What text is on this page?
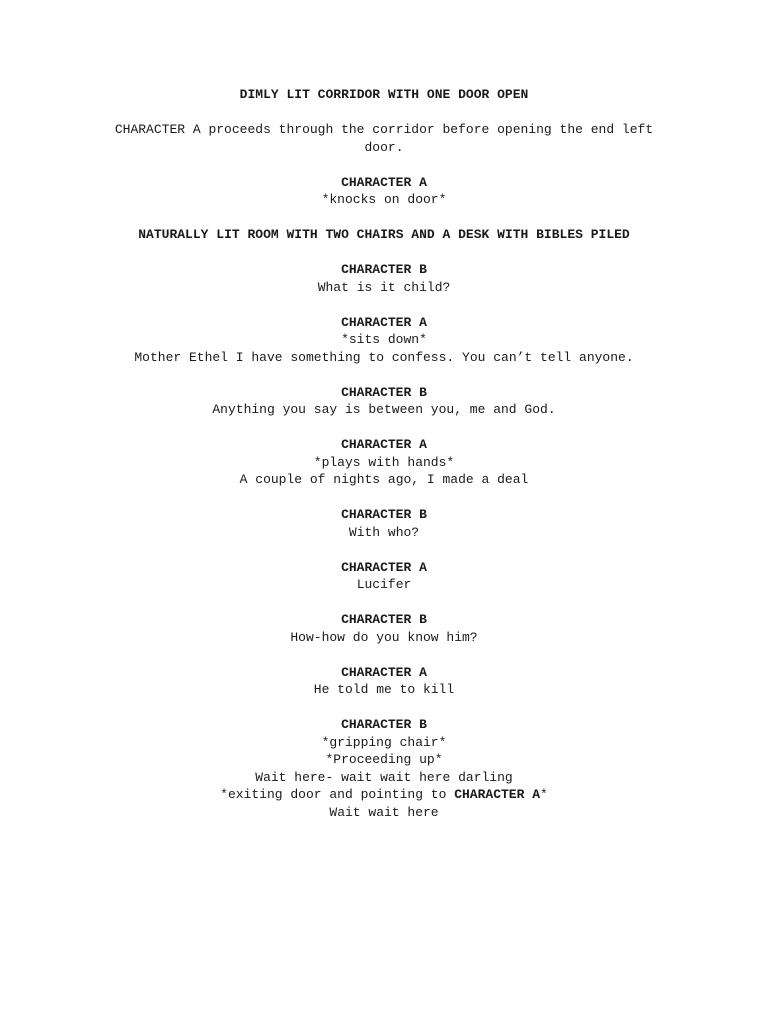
DIMLY LIT CORRIDOR WITH ONE DOOR OPEN
CHARACTER A proceeds through the corridor before opening the end left door.
CHARACTER A
*knocks on door*
NATURALLY LIT ROOM WITH TWO CHAIRS AND A DESK WITH BIBLES PILED
CHARACTER B
What is it child?
CHARACTER A
*sits down*
Mother Ethel I have something to confess. You can’t tell anyone.
CHARACTER B
Anything you say is between you, me and God.
CHARACTER A
*plays with hands*
A couple of nights ago, I made a deal
CHARACTER B
With who?
CHARACTER A
Lucifer
CHARACTER B
How-how do you know him?
CHARACTER A
He told me to kill
CHARACTER B
*gripping chair*
*Proceeding up*
Wait here- wait wait here darling
*exiting door and pointing to CHARACTER A*
Wait wait here
